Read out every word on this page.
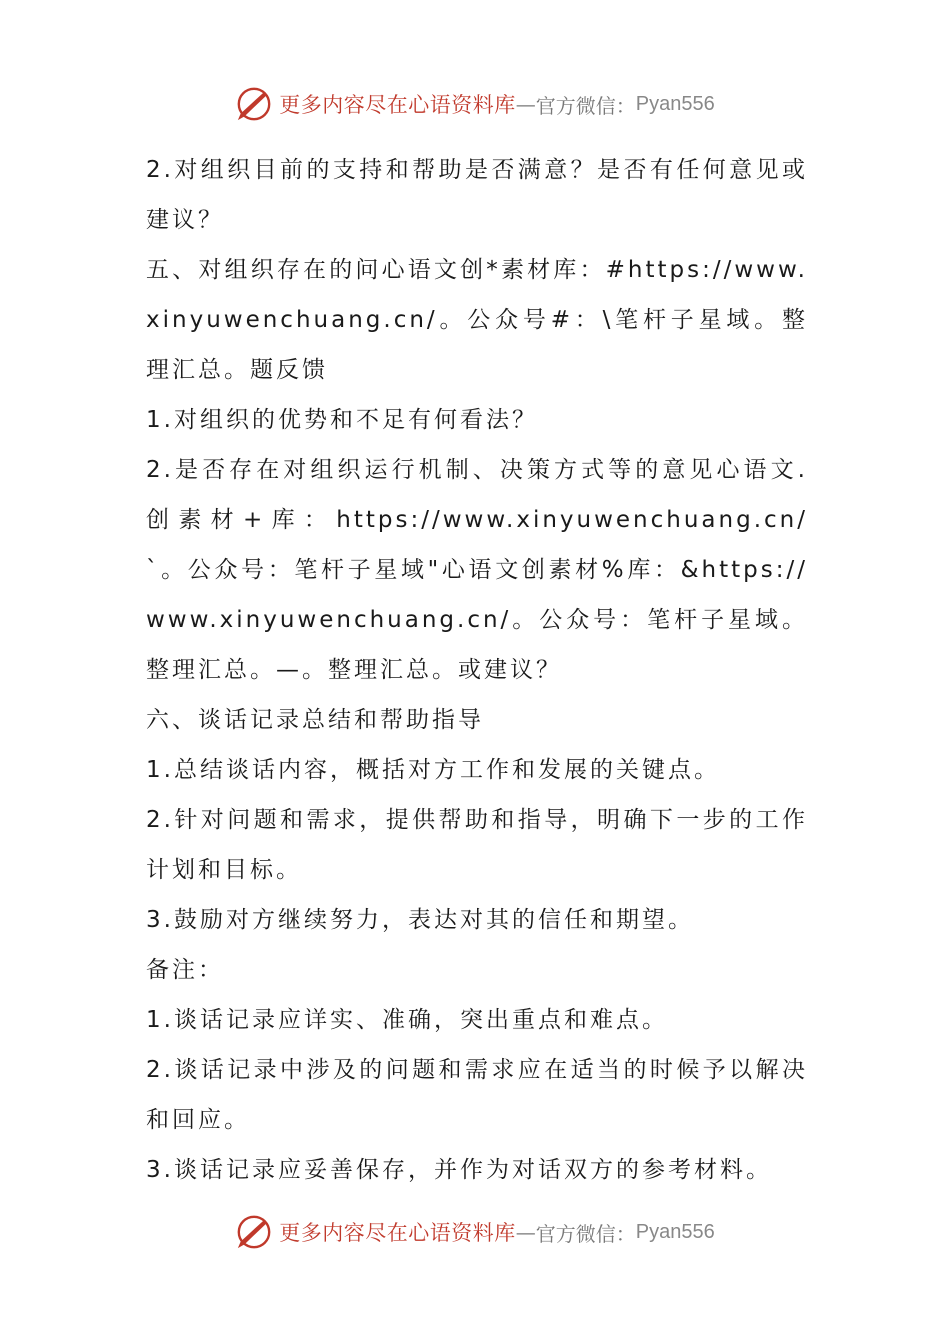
更多内容尽在心语资料库 — 官方微信： Pyan556

2.对组织目前的支持和帮助是否满意？是否有任何意见或建议？

五、对组织存在的问心语文创*素材库：#https://www.xinyuwenchuang.cn/。公众号#：\笔杆子星域。整理汇总。题反馈

1.对组织的优势和不足有何看法？

2.是否存在对组织运行机制、决策方式等的意见心语文.创素材+库：https://www.xinyuwenchuang.cn/`。公众号：笔杆子星域"心语文创素材%库：&https://www.xinyuwenchuang.cn/。公众号：笔杆子星域。整理汇总。—。整理汇总。或建议？

六、谈话记录总结和帮助指导

1.总结谈话内容，概括对方工作和发展的关键点。

2.针对问题和需求，提供帮助和指导，明确下一步的工作计划和目标。

3.鼓励对方继续努力，表达对其的信任和期望。

备注：

1.谈话记录应详实、准确，突出重点和难点。

2.谈话记录中涉及的问题和需求应在适当的时候予以解决和回应。

3.谈话记录应妥善保存，并作为对话双方的参考材料。

更多内容尽在心语资料库 — 官方微信： Pyan556
